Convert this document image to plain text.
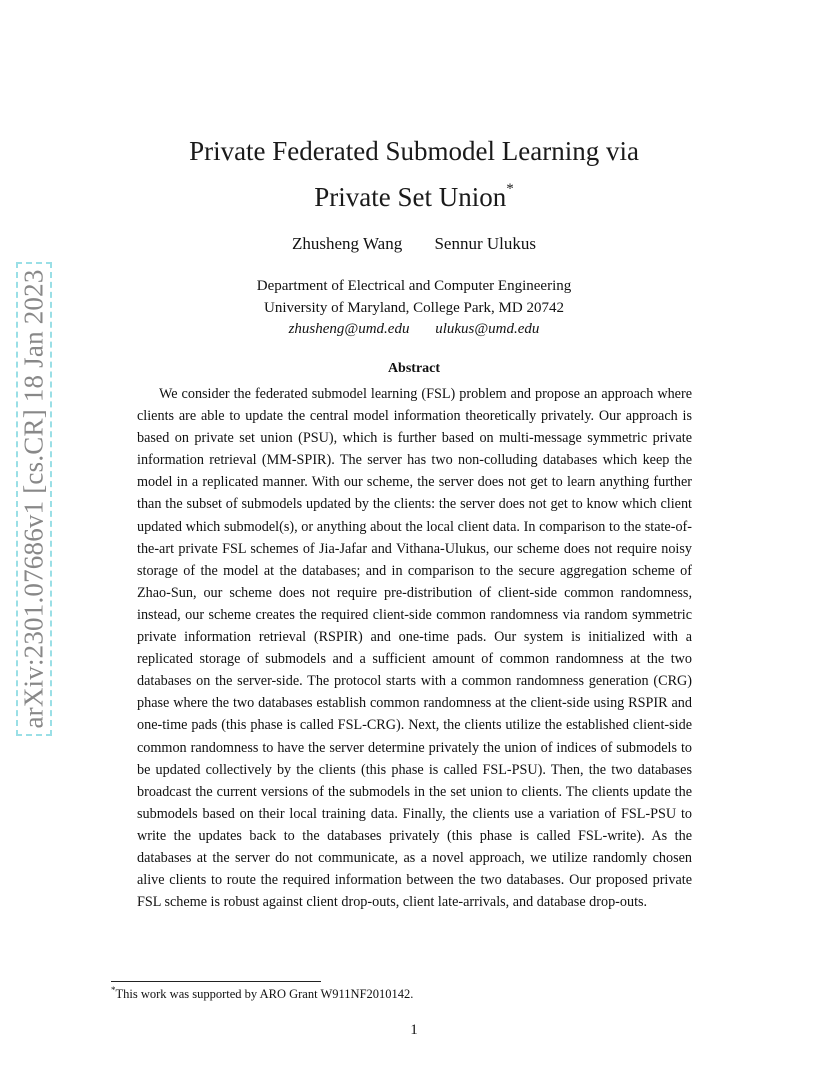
arXiv:2301.07686v1 [cs.CR] 18 Jan 2023
Private Federated Submodel Learning via
Private Set Union*
Zhusheng Wang Sennur Ulukus
Department of Electrical and Computer Engineering
University of Maryland, College Park, MD 20742
zhusheng@umd.edu ulukus@umd.edu
Abstract

We consider the federated submodel learning (FSL) problem and propose an approach where clients are able to update the central model information theoretically privately. Our approach is based on private set union (PSU), which is further based on multi-message symmetric private information retrieval (MM-SPIR). The server has two non-colluding databases which keep the model in a replicated manner. With our scheme, the server does not get to learn anything further than the subset of submodels updated by the clients: the server does not get to know which client updated which submodel(s), or anything about the local client data. In comparison to the state-of-the-art private FSL schemes of Jia-Jafar and Vithana-Ulukus, our scheme does not require noisy storage of the model at the databases; and in comparison to the secure aggregation scheme of Zhao-Sun, our scheme does not require pre-distribution of client-side common randomness, instead, our scheme creates the required client-side common randomness via random symmetric private information retrieval (RSPIR) and one-time pads. Our system is initialized with a replicated storage of submodels and a sufficient amount of common randomness at the two databases on the server-side. The protocol starts with a common randomness generation (CRG) phase where the two databases establish common randomness at the client-side using RSPIR and one-time pads (this phase is called FSL-CRG). Next, the clients utilize the established client-side common randomness to have the server determine privately the union of indices of submodels to be updated collectively by the clients (this phase is called FSL-PSU). Then, the two databases broadcast the current versions of the submodels in the set union to clients. The clients update the submodels based on their local training data. Finally, the clients use a variation of FSL-PSU to write the updates back to the databases privately (this phase is called FSL-write). As the databases at the server do not communicate, as a novel approach, we utilize randomly chosen alive clients to route the required information between the two databases. Our proposed private FSL scheme is robust against client drop-outs, client late-arrivals, and database drop-outs.

*This work was supported by ARO Grant W911NF2010142.
1
